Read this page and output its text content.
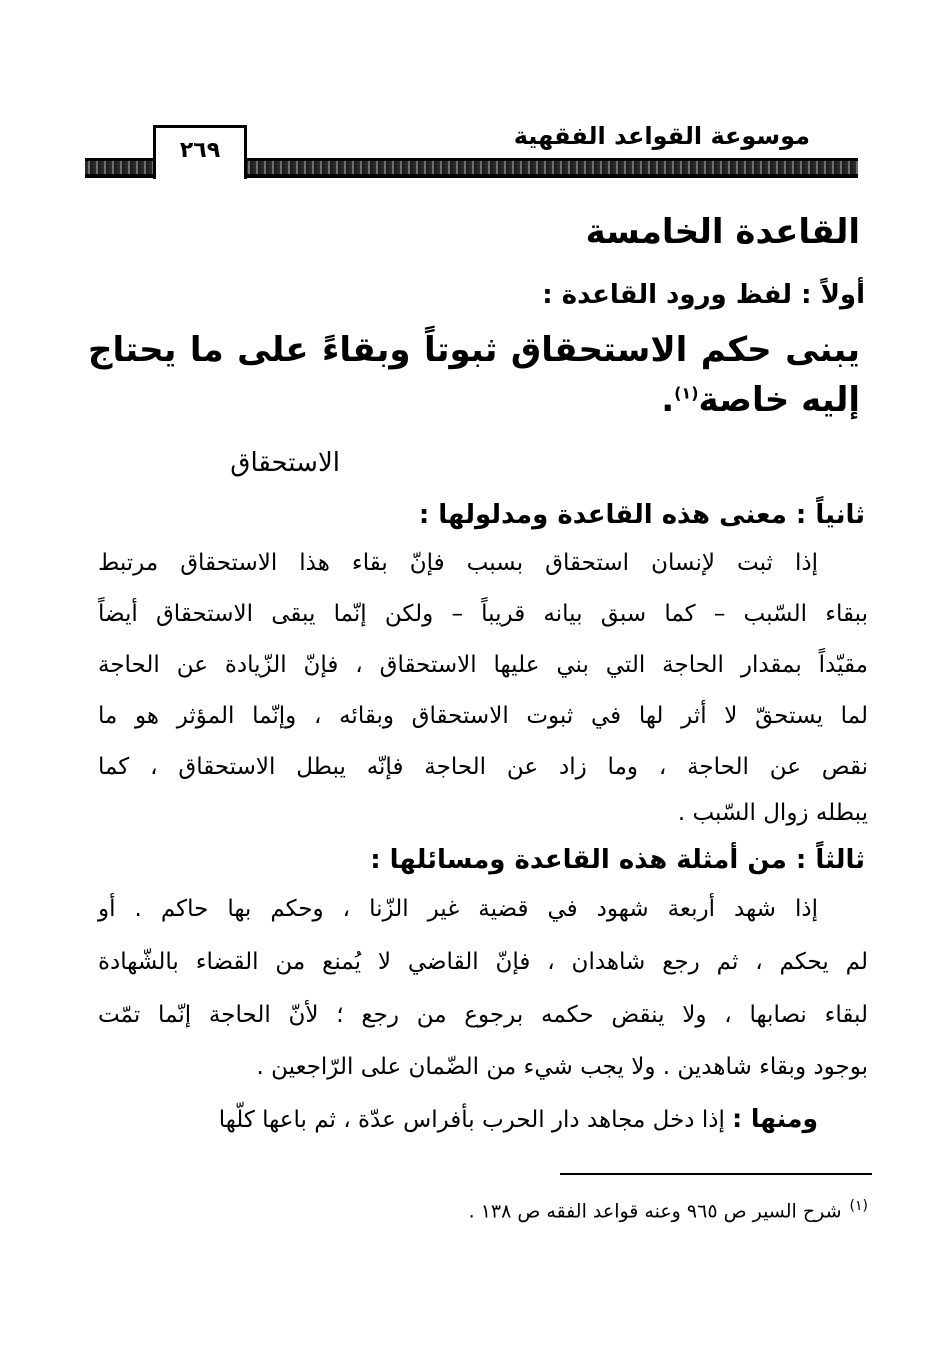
موسوعة القواعد الفقهية
٢٦٩
القاعدة الخامسة
أولاً : لفظ ورود القاعدة :
يبنى حكم الاستحقاق ثبوتاً وبقاءً على ما يحتاج
إليه خاصة$^{(١)}$.
الاستحقاق
ثانياً : معنى هذه القاعدة ومدلولها :
إذا ثبت لإنسان استحقاق بسبب فإنّ بقاء هذا الاستحقاق مرتبط
ببقاء السّبب – كما سبق بيانه قريباً – ولكن إنّما يبقى الاستحقاق أيضاً
مقيّداً بمقدار الحاجة التي بني عليها الاستحقاق ، فإنّ الزّيادة عن الحاجة
لما يستحقّ لا أثر لها في ثبوت الاستحقاق وبقائه ، وإنّما المؤثر هو ما
نقص عن الحاجة ، وما زاد عن الحاجة فإنّه يبطل الاستحقاق ، كما
يبطله زوال السّبب .
ثالثاً : من أمثلة هذه القاعدة ومسائلها :
إذا شهد أربعة شهود في قضية غير الزّنا ، وحكم بها حاكم . أو
لم يحكم ، ثم رجع شاهدان ، فإنّ القاضي لا يُمنع من القضاء بالشّهادة
لبقاء نصابها ، ولا ينقض حكمه برجوع من رجع ؛ لأنّ الحاجة إنّما تمّت
بوجود وبقاء شاهدين . ولا يجب شيء من الضّمان على الرّاجعين .
ومنها : إذا دخل مجاهد دار الحرب بأفراس عدّة ، ثم باعها كلّها
$^{(١)}$شرح السير ص ٩٦٥ وعنه قواعد الفقه ص ١٣٨ .
